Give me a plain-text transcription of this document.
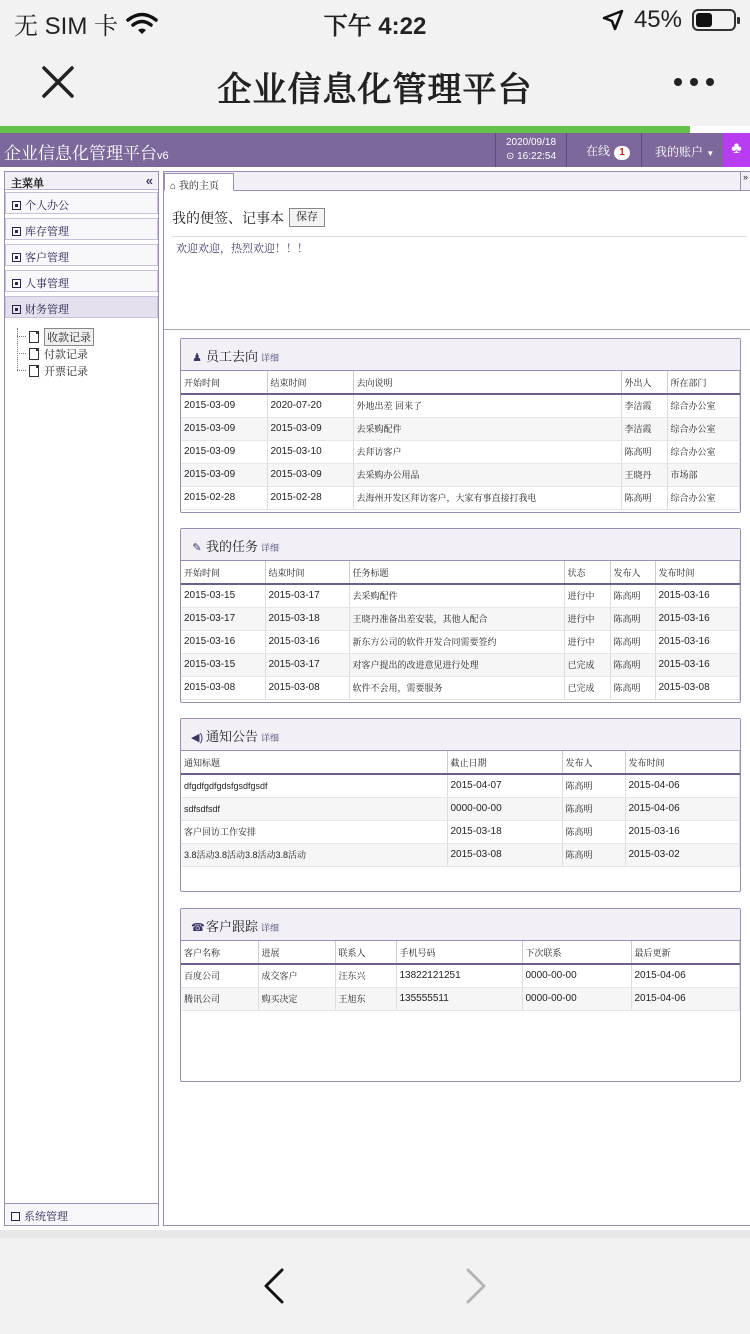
无 SIM 卡	下午 4:22	45%
企业信息化管理平台
企业信息化管理平台v6
2020/09/18
⊙ 16:22:54	在线 1	我的账户 ▼	♣
主菜单	«
个人办公
库存管理
客户管理
人事管理
财务管理
收款记录
付款记录
开票记录
系统管理
⌂ 我的主页
»
我的便签、记事本	保存
欢迎欢迎，热烈欢迎！！！
♟ 员工去向 详细
开始时间	结束时间	去向说明	外出人	所在部门
2015-03-09	2020-07-20	外地出差 回来了	李洁霞	综合办公室
2015-03-09	2015-03-09	去采购配件	李洁霞	综合办公室
2015-03-09	2015-03-10	去拜访客户	陈高明	综合办公室
2015-03-09	2015-03-09	去采购办公用品	王晓丹	市场部
2015-02-28	2015-02-28	去海州开发区拜访客户，大家有事直接打我电	陈高明	综合办公室
✎ 我的任务 详细
开始时间	结束时间	任务标题	状态	发布人	发布时间
2015-03-15	2015-03-17	去采购配件	进行中	陈高明	2015-03-16
2015-03-17	2015-03-18	王晓丹准备出差安装，其他人配合	进行中	陈高明	2015-03-16
2015-03-16	2015-03-16	新东方公司的软件开发合同需要签约	进行中	陈高明	2015-03-16
2015-03-15	2015-03-17	对客户提出的改进意见进行处理	已完成	陈高明	2015-03-16
2015-03-08	2015-03-08	软件不会用，需要服务	已完成	陈高明	2015-03-08
◀) 通知公告 详细
通知标题	截止日期	发布人	发布时间
dfgdfgdfgdsfgsdfgsdf	2015-04-07	陈高明	2015-04-06
sdfsdfsdf	0000-00-00	陈高明	2015-04-06
客户回访工作安排	2015-03-18	陈高明	2015-03-16
3.8活动3.8活动3.8活动3.8活动	2015-03-08	陈高明	2015-03-02
☎客户跟踪 详细
客户名称	进展	联系人	手机号码	下次联系	最后更新
百度公司	成交客户	汪东兴	13822121251	0000-00-00	2015-04-06
腾讯公司	购买决定	王旭东	135555511	0000-00-00	2015-04-06
